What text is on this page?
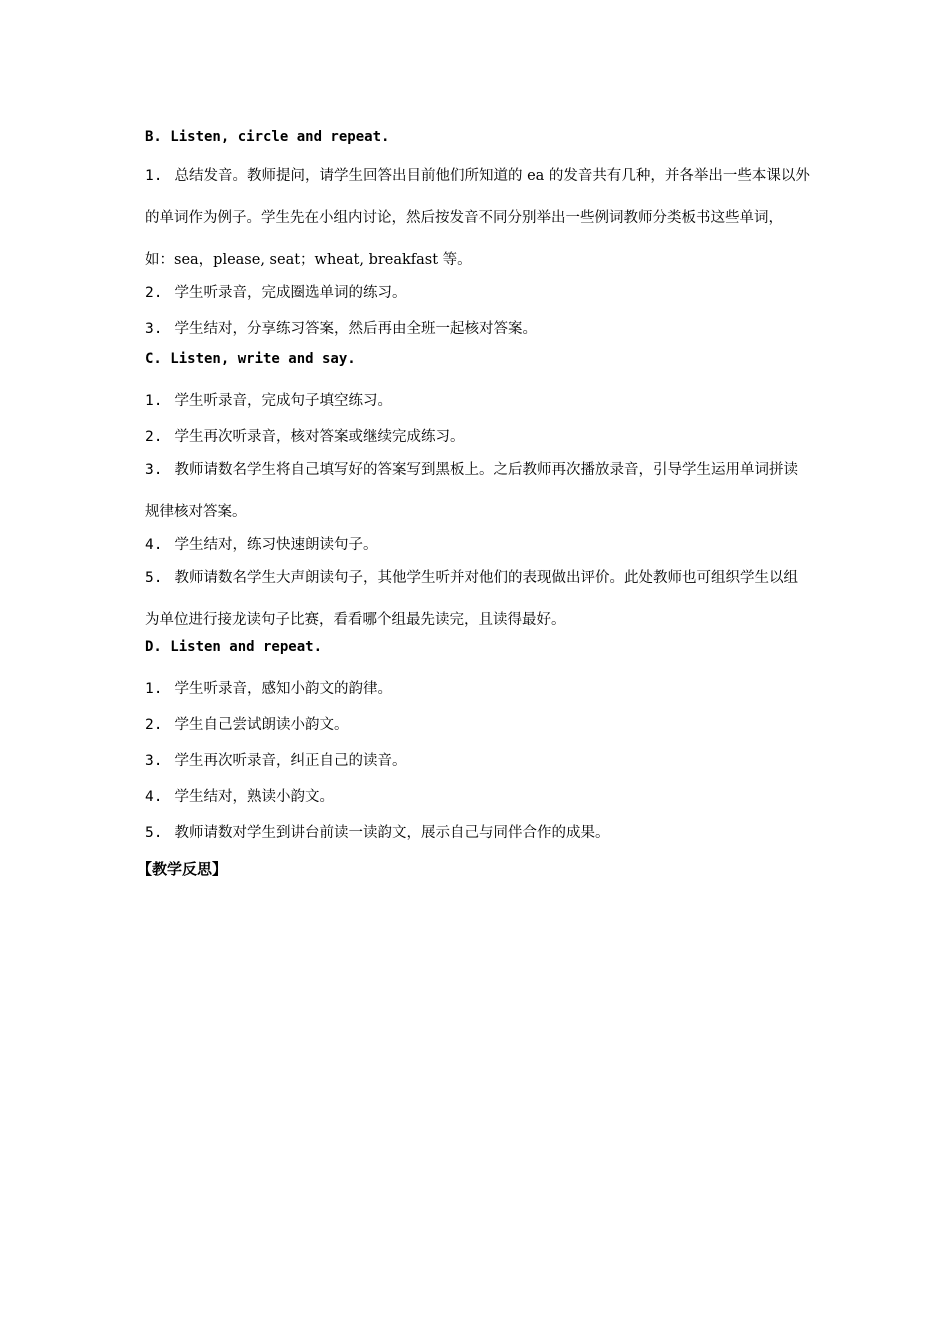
B. Listen, circle and repeat.

1. 总结发音。教师提问，请学生回答出目前他们所知道的 ea 的发音共有几种，并各举出一些本课以外的单词作为例子。学生先在小组内讨论，然后按发音不同分别举出一些例词教师分类板书这些单词，如：sea，please, seat；wheat, breakfast 等。

2. 学生听录音，完成圈选单词的练习。

3. 学生结对，分享练习答案，然后再由全班一起核对答案。

C. Listen, write and say.

1. 学生听录音，完成句子填空练习。

2. 学生再次听录音，核对答案或继续完成练习。

3. 教师请数名学生将自己填写好的答案写到黑板上。之后教师再次播放录音，引导学生运用单词拼读规律核对答案。

4. 学生结对，练习快速朗读句子。

5. 教师请数名学生大声朗读句子，其他学生听并对他们的表现做出评价。此处教师也可组织学生以组为单位进行接龙读句子比赛，看看哪个组最先读完，且读得最好。

D. Listen and repeat.

1. 学生听录音，感知小韵文的韵律。

2. 学生自己尝试朗读小韵文。

3. 学生再次听录音，纠正自己的读音。

4. 学生结对，熟读小韵文。

5. 教师请数对学生到讲台前读一读韵文，展示自己与同伴合作的成果。

【教学反思】
